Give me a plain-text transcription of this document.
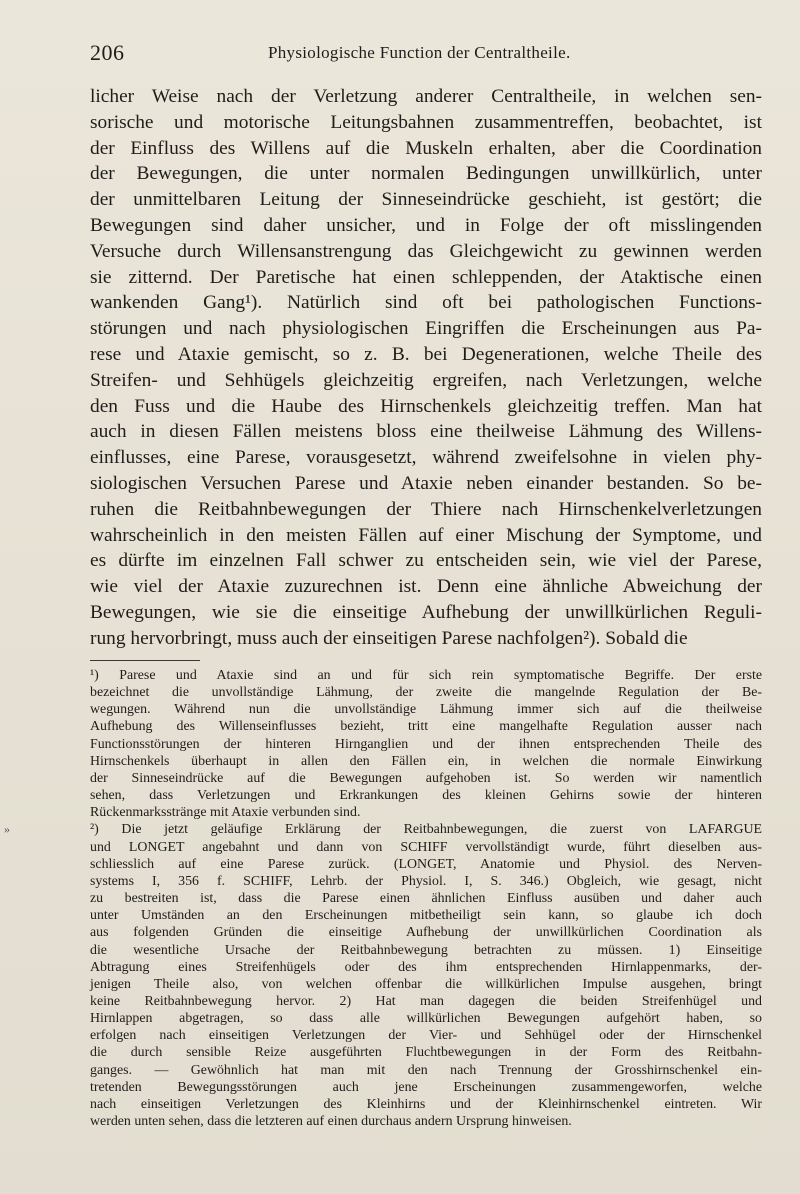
206	Physiologische Function der Centraltheile.
licher Weise nach der Verletzung anderer Centraltheile, in welchen sen-
sorische und motorische Leitungsbahnen zusammentreffen, beobachtet, ist
der Einfluss des Willens auf die Muskeln erhalten, aber die Coordination
der Bewegungen, die unter normalen Bedingungen unwillkürlich, unter
der unmittelbaren Leitung der Sinneseindrücke geschieht, ist gestört; die
Bewegungen sind daher unsicher, und in Folge der oft misslingenden
Versuche durch Willensanstrengung das Gleichgewicht zu gewinnen werden
sie zitternd. Der Paretische hat einen schleppenden, der Ataktische einen
wankenden Gang¹). Natürlich sind oft bei pathologischen Functions-
störungen und nach physiologischen Eingriffen die Erscheinungen aus Pa-
rese und Ataxie gemischt, so z. B. bei Degenerationen, welche Theile des
Streifen- und Sehhügels gleichzeitig ergreifen, nach Verletzungen, welche
den Fuss und die Haube des Hirnschenkels gleichzeitig treffen. Man hat
auch in diesen Fällen meistens bloss eine theilweise Lähmung des Willens-
einflusses, eine Parese, vorausgesetzt, während zweifelsohne in vielen phy-
siologischen Versuchen Parese und Ataxie neben einander bestanden. So be-
ruhen die Reitbahnbewegungen der Thiere nach Hirnschenkelverletzungen
wahrscheinlich in den meisten Fällen auf einer Mischung der Symptome, und
es dürfte im einzelnen Fall schwer zu entscheiden sein, wie viel der Parese,
wie viel der Ataxie zuzurechnen ist. Denn eine ähnliche Abweichung der
Bewegungen, wie sie die einseitige Aufhebung der unwillkürlichen Reguli-
rung hervorbringt, muss auch der einseitigen Parese nachfolgen²). Sobald die
¹) Parese und Ataxie sind an und für sich rein symptomatische Begriffe. Der erste
bezeichnet die unvollständige Lähmung, der zweite die mangelnde Regulation der Be-
wegungen. Während nun die unvollständige Lähmung immer sich auf die theilweise
Aufhebung des Willenseinflusses bezieht, tritt eine mangelhafte Regulation ausser nach
Functionsstörungen der hinteren Hirnganglien und der ihnen entsprechenden Theile des
Hirnschenkels überhaupt in allen den Fällen ein, in welchen die normale Einwirkung
der Sinneseindrücke auf die Bewegungen aufgehoben ist. So werden wir namentlich
sehen, dass Verletzungen und Erkrankungen des kleinen Gehirns sowie der hinteren
Rückenmarksstränge mit Ataxie verbunden sind.
²) Die jetzt geläufige Erklärung der Reitbahnbewegungen, die zuerst von LAFARGUE
und LONGET angebahnt und dann von SCHIFF vervollständigt wurde, führt dieselben aus-
schliesslich auf eine Parese zurück. (LONGET, Anatomie und Physiol. des Nerven-
systems I, 356 f. SCHIFF, Lehrb. der Physiol. I, S. 346.) Obgleich, wie gesagt, nicht
zu bestreiten ist, dass die Parese einen ähnlichen Einfluss ausüben und daher auch
unter Umständen an den Erscheinungen mitbetheiligt sein kann, so glaube ich doch
aus folgenden Gründen die einseitige Aufhebung der unwillkürlichen Coordination als
die wesentliche Ursache der Reitbahnbewegung betrachten zu müssen. 1) Einseitige
Abtragung eines Streifenhügels oder des ihm entsprechenden Hirnlappenmarks, der-
jenigen Theile also, von welchen offenbar die willkürlichen Impulse ausgehen, bringt
keine Reitbahnbewegung hervor. 2) Hat man dagegen die beiden Streifenhügel und
Hirnlappen abgetragen, so dass alle willkürlichen Bewegungen aufgehört haben, so
erfolgen nach einseitigen Verletzungen der Vier- und Sehhügel oder der Hirnschenkel
die durch sensible Reize ausgeführten Fluchtbewegungen in der Form des Reitbahn-
ganges. — Gewöhnlich hat man mit den nach Trennung der Grosshirnschenkel ein-
tretenden Bewegungsstörungen auch jene Erscheinungen zusammengeworfen, welche
nach einseitigen Verletzungen des Kleinhirns und der Kleinhirnschenkel eintreten. Wir
werden unten sehen, dass die letzteren auf einen durchaus andern Ursprung hinweisen.
»
